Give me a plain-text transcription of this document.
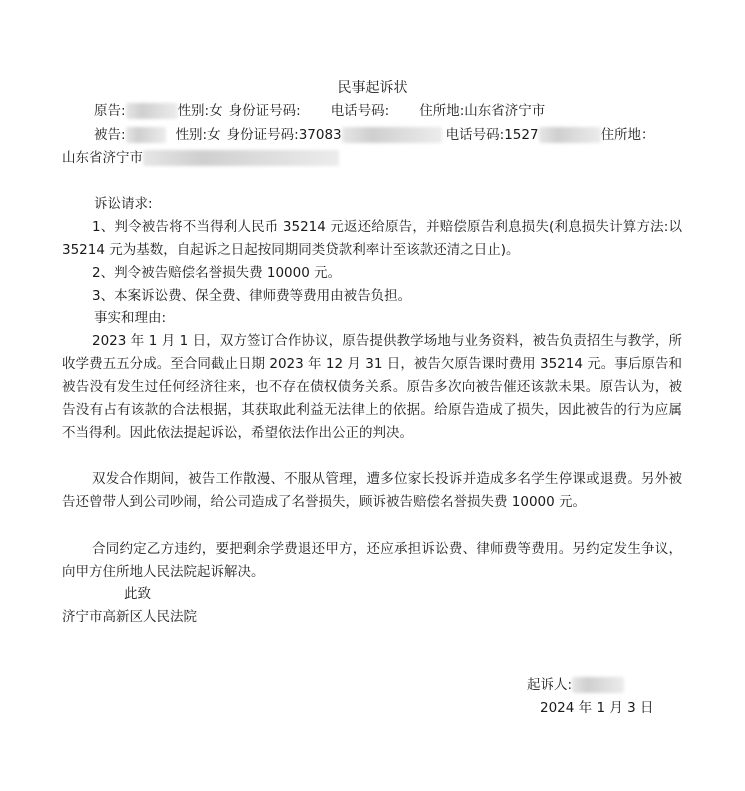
民事起诉状
原告:	性别:女 身份证号码: 电话号码: 住所地:山东省济宁市
被告:	性别:女 身份证号码:37083	电话号码:1527	住所地：
山东省济宁市
诉讼请求:
1、判令被告将不当得利人民币 35214 元返还给原告，并赔偿原告利息损失(利息损失计算方法:以 35214 元为基数，自起诉之日起按同期同类贷款利率计至该款还清之日止)。
2、判令被告赔偿名誉损失费 10000 元。
3、本案诉讼费、保全费、律师费等费用由被告负担。
事实和理由:
2023 年 1 月 1 日，双方签订合作协议，原告提供教学场地与业务资料，被告负责招生与教学，所收学费五五分成。至合同截止日期 2023 年 12 月 31 日，被告欠原告课时费用 35214 元。事后原告和被告没有发生过任何经济往来，也不存在债权债务关系。原告多次向被告催还该款未果。原告认为，被告没有占有该款的合法根据，其获取此利益无法律上的依据。给原告造成了损失，因此被告的行为应属不当得利。因此依法提起诉讼，希望依法作出公正的判决。
双发合作期间，被告工作散漫、不服从管理，遭多位家长投诉并造成多名学生停课或退费。另外被告还曾带人到公司吵闹，给公司造成了名誉损失，顾诉被告赔偿名誉损失费 10000 元。
合同约定乙方违约，要把剩余学费退还甲方，还应承担诉讼费、律师费等费用。另约定发生争议，向甲方住所地人民法院起诉解决。
此致
济宁市高新区人民法院
起诉人:
2024 年 1 月 3 日
